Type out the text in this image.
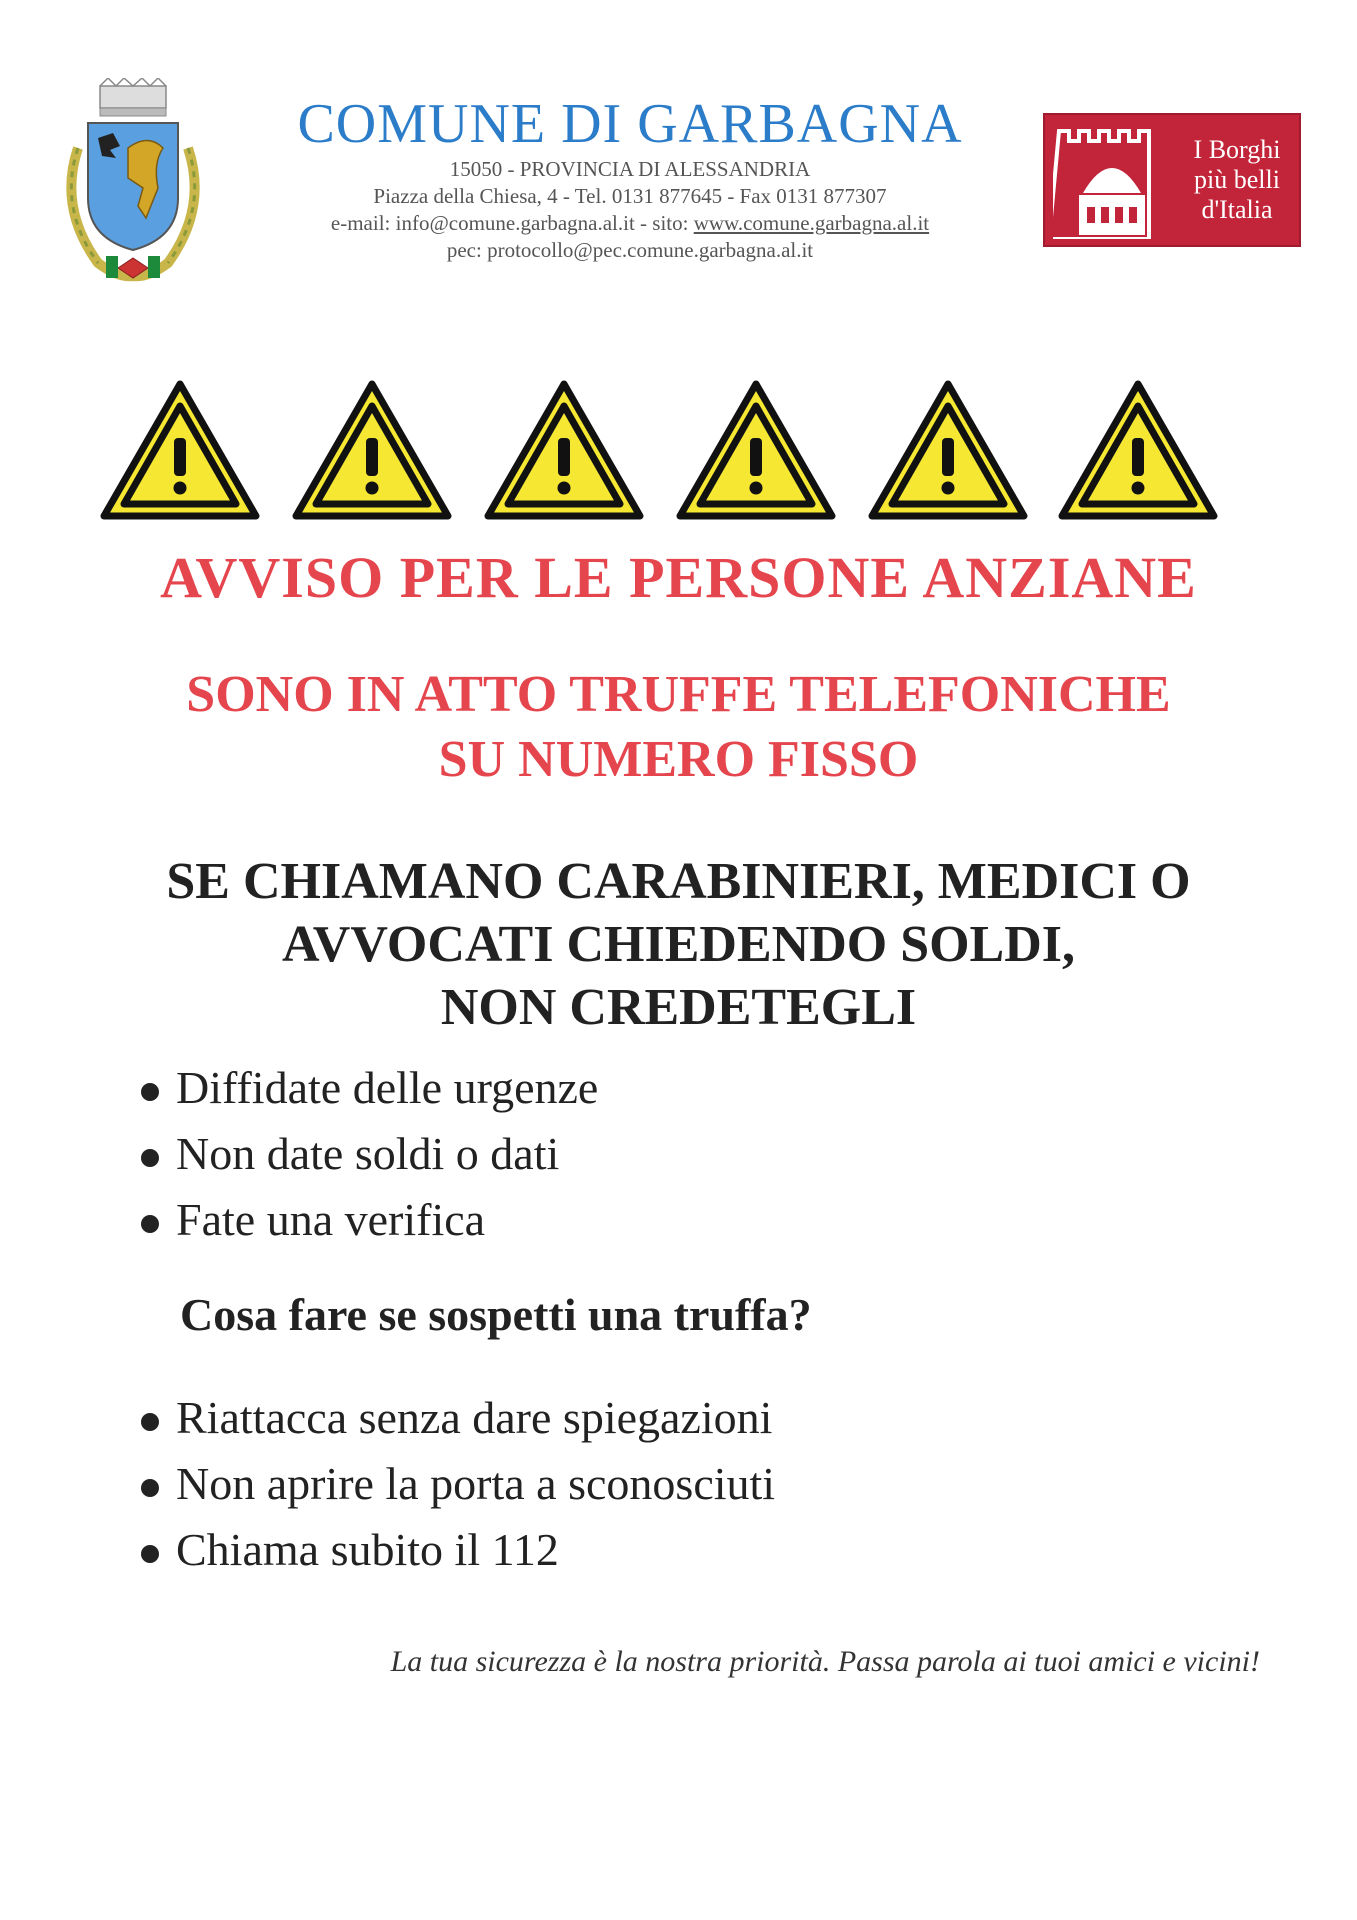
COMUNE DI GARBAGNA

15050 - PROVINCIA DI ALESSANDRIA

Piazza della Chiesa, 4 - Tel. 0131 877645 - Fax 0131 877307

e-mail: info@comune.garbagna.al.it - sito: www.comune.garbagna.al.it

pec: protocollo@pec.comune.garbagna.al.it

I Borghi
più belli
d'Italia
AVVISO PER LE PERSONE ANZIANE
SONO IN ATTO TRUFFE TELEFONICHE
SU NUMERO FISSO
SE CHIAMANO CARABINIERI, MEDICI O
AVVOCATI CHIEDENDO SOLDI,
NON CREDETEGLI
Diffidate delle urgenze
Non date soldi o dati
Fate una verifica

Cosa fare se sospetti una truffa?

Riattacca senza dare spiegazioni
Non aprire la porta a sconosciuti
Chiama subito il 112

La tua sicurezza è la nostra priorità. Passa parola ai tuoi amici e vicini!
